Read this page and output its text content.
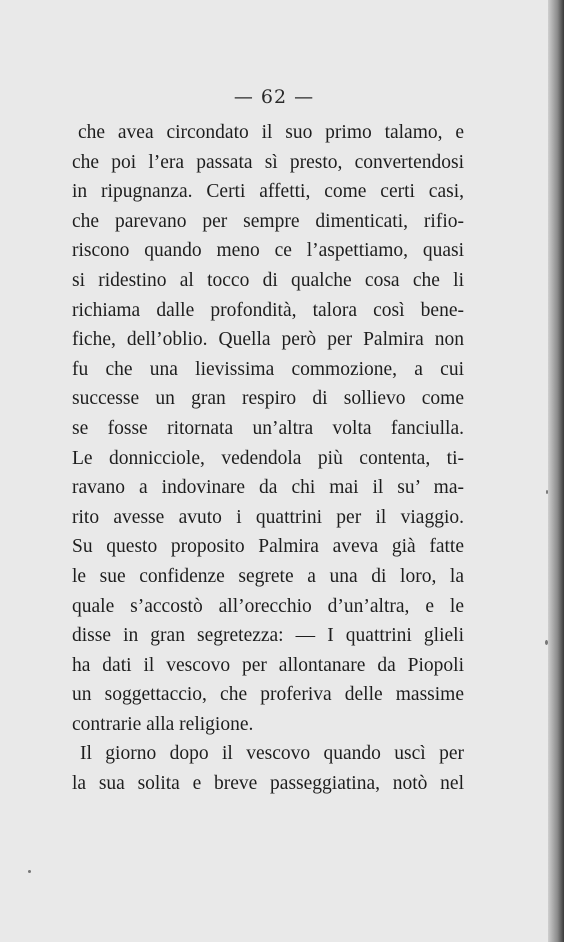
— 62 —
che avea circondato il suo primo talamo, e
che poi l’era passata sì presto, convertendosi
in ripugnanza. Certi affetti, come certi casi,
che parevano per sempre dimenticati, rifio-
riscono quando meno ce l’aspettiamo, quasi
si ridestino al tocco di qualche cosa che li
richiama dalle profondità, talora così bene-
fiche, dell’oblio. Quella però per Palmira non
fu che una lievissima commozione, a cui
successe un gran respiro di sollievo come
se fosse ritornata un’altra volta fanciulla.
Le donnicciole, vedendola più contenta, ti-
ravano a indovinare da chi mai il su’ ma-
rito avesse avuto i quattrini per il viaggio.
Su questo proposito Palmira aveva già fatte
le sue confidenze segrete a una di loro, la
quale s’accostò all’orecchio d’un’altra, e le
disse in gran segretezza: — I quattrini glieli
ha dati il vescovo per allontanare da Piopoli
un soggettaccio, che proferiva delle massime
contrarie alla religione.
Il giorno dopo il vescovo quando uscì per
la sua solita e breve passeggiatina, notò nel
